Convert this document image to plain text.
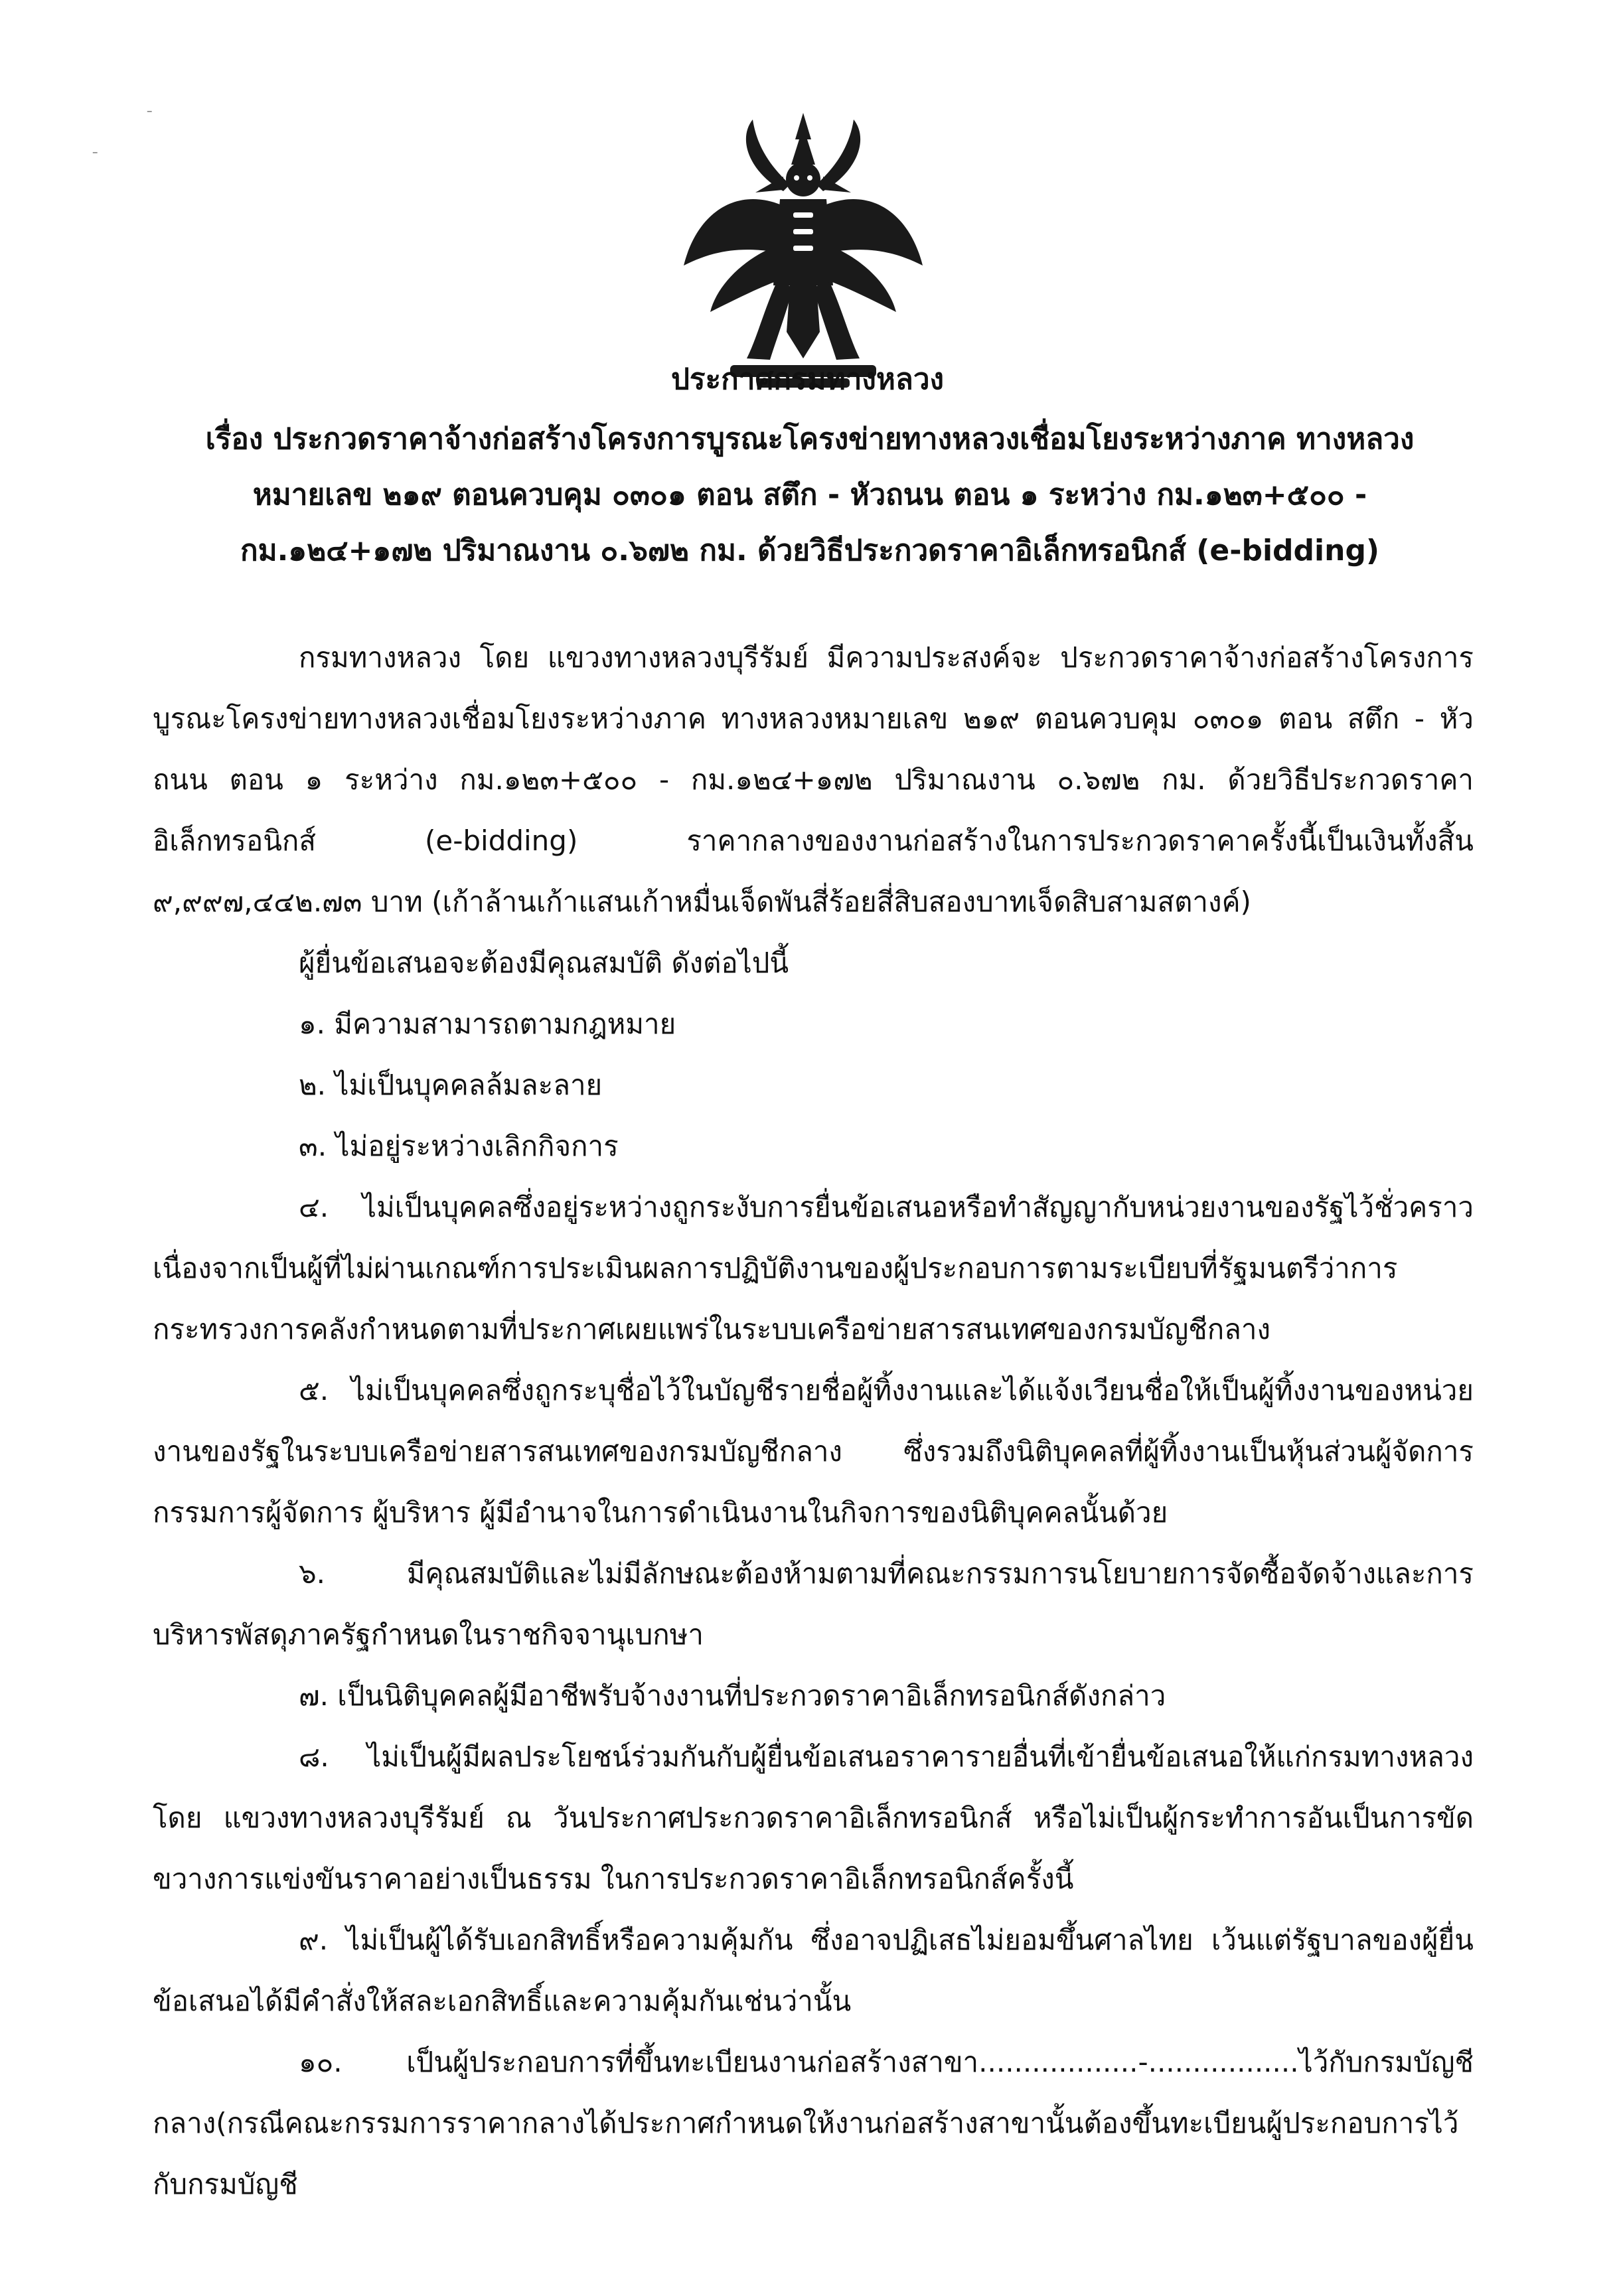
ـ
ـ
ประกาศกรมทางหลวง
เรื่อง ประกวดราคาจ้างก่อสร้างโครงการบูรณะโครงข่ายทางหลวงเชื่อมโยงระหว่างภาค ทางหลวงหมายเลข ๒๑๙ ตอนควบคุม ๐๓๐๑ ตอน สตึก - หัวถนน ตอน ๑ ระหว่าง กม.๑๒๓+๕๐๐ - กม.๑๒๔+๑๗๒ ปริมาณงาน ๐.๖๗๒ กม. ด้วยวิธีประกวดราคาอิเล็กทรอนิกส์ (e-bidding)

กรมทางหลวง โดย แขวงทางหลวงบุรีรัมย์ มีความประสงค์จะ ประกวดราคาจ้างก่อสร้างโครงการบูรณะโครงข่ายทางหลวงเชื่อมโยงระหว่างภาค ทางหลวงหมายเลข ๒๑๙ ตอนควบคุม ๐๓๐๑ ตอน สตึก - หัวถนน ตอน ๑ ระหว่าง กม.๑๒๓+๕๐๐ - กม.๑๒๔+๑๗๒ ปริมาณงาน ๐.๖๗๒ กม. ด้วยวิธีประกวดราคาอิเล็กทรอนิกส์ (e-bidding) ราคากลางของงานก่อสร้างในการประกวดราคาครั้งนี้เป็นเงินทั้งสิ้น ๙,๙๙๗,๔๔๒.๗๓ บาท (เก้าล้านเก้าแสนเก้าหมื่นเจ็ดพันสี่ร้อยสี่สิบสองบาทเจ็ดสิบสามสตางค์)

ผู้ยื่นข้อเสนอจะต้องมีคุณสมบัติ ดังต่อไปนี้

๑. มีความสามารถตามกฎหมาย

๒. ไม่เป็นบุคคลล้มละลาย

๓. ไม่อยู่ระหว่างเลิกกิจการ

๔. ไม่เป็นบุคคลซึ่งอยู่ระหว่างถูกระงับการยื่นข้อเสนอหรือทำสัญญากับหน่วยงานของรัฐไว้ชั่วคราว เนื่องจากเป็นผู้ที่ไม่ผ่านเกณฑ์การประเมินผลการปฏิบัติงานของผู้ประกอบการตามระเบียบที่รัฐมนตรีว่าการกระทรวงการคลังกำหนดตามที่ประกาศเผยแพร่ในระบบเครือข่ายสารสนเทศของกรมบัญชีกลาง

๕. ไม่เป็นบุคคลซึ่งถูกระบุชื่อไว้ในบัญชีรายชื่อผู้ทิ้งงานและได้แจ้งเวียนชื่อให้เป็นผู้ทิ้งงานของหน่วยงานของรัฐในระบบเครือข่ายสารสนเทศของกรมบัญชีกลาง ซึ่งรวมถึงนิติบุคคลที่ผู้ทิ้งงานเป็นหุ้นส่วนผู้จัดการ กรรมการผู้จัดการ ผู้บริหาร ผู้มีอำนาจในการดำเนินงานในกิจการของนิติบุคคลนั้นด้วย

๖. มีคุณสมบัติและไม่มีลักษณะต้องห้ามตามที่คณะกรรมการนโยบายการจัดซื้อจัดจ้างและการบริหารพัสดุภาครัฐกำหนดในราชกิจจานุเบกษา

๗. เป็นนิติบุคคลผู้มีอาชีพรับจ้างงานที่ประกวดราคาอิเล็กทรอนิกส์ดังกล่าว

๘. ไม่เป็นผู้มีผลประโยชน์ร่วมกันกับผู้ยื่นข้อเสนอราคารายอื่นที่เข้ายื่นข้อเสนอให้แก่กรมทางหลวง โดย แขวงทางหลวงบุรีรัมย์ ณ วันประกาศประกวดราคาอิเล็กทรอนิกส์ หรือไม่เป็นผู้กระทำการอันเป็นการขัดขวางการแข่งขันราคาอย่างเป็นธรรม ในการประกวดราคาอิเล็กทรอนิกส์ครั้งนี้

๙. ไม่เป็นผู้ได้รับเอกสิทธิ์หรือความคุ้มกัน ซึ่งอาจปฏิเสธไม่ยอมขึ้นศาลไทย เว้นแต่รัฐบาลของผู้ยื่นข้อเสนอได้มีคำสั่งให้สละเอกสิทธิ์และความคุ้มกันเช่นว่านั้น

๑๐. เป็นผู้ประกอบการที่ขึ้นทะเบียนงานก่อสร้างสาขา..................-.................ไว้กับกรมบัญชีกลาง(กรณีคณะกรรมการราคากลางได้ประกาศกำหนดให้งานก่อสร้างสาขานั้นต้องขึ้นทะเบียนผู้ประกอบการไว้กับกรมบัญชี
